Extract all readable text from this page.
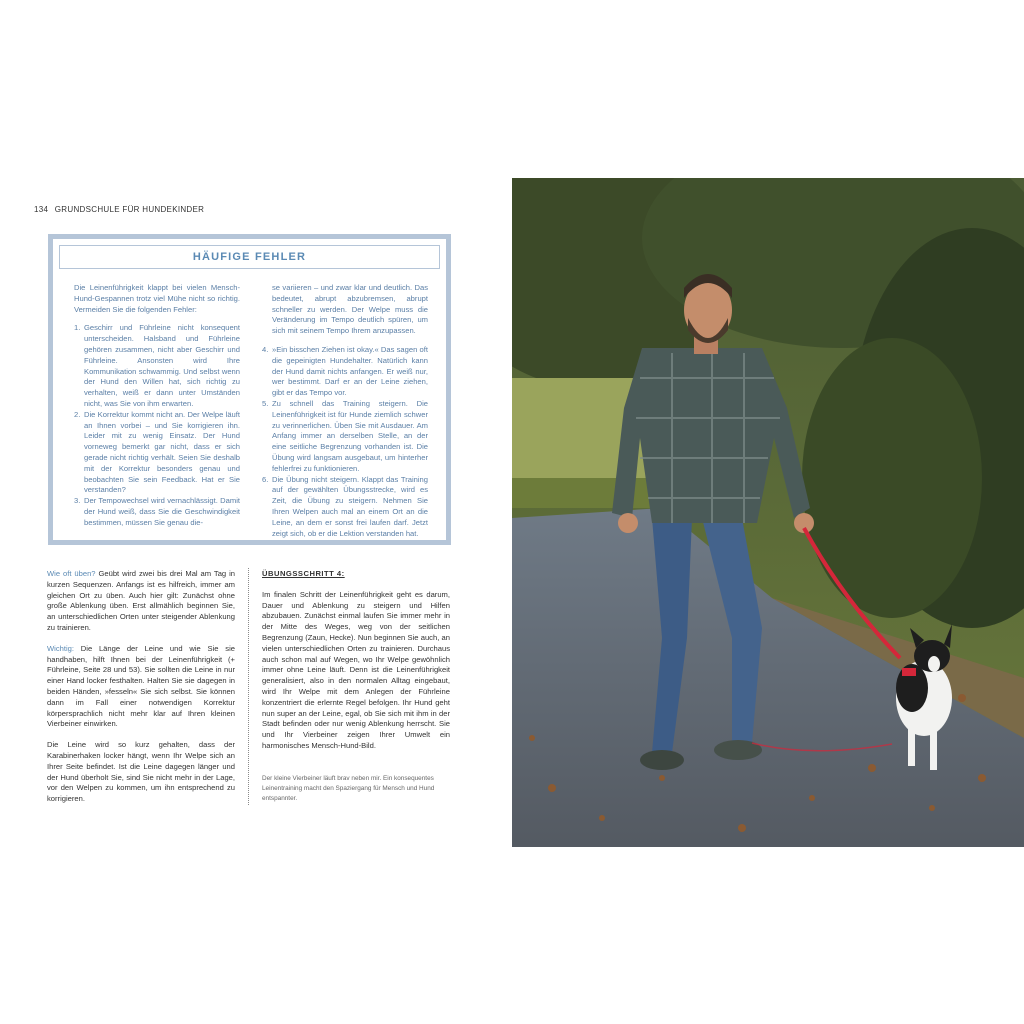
134 GRUNDSCHULE FÜR HUNDEKINDER
HÄUFIGE FEHLER

Die Leinenführigkeit klappt bei vielen Mensch-Hund-Gespannen trotz viel Mühe nicht so richtig. Vermeiden Sie die folgenden Fehler:

1. Geschirr und Führleine nicht konsequent unterscheiden. Halsband und Führleine gehören zusammen, nicht aber Geschirr und Führleine. Ansonsten wird Ihre Kommunikation schwammig. Und selbst wenn der Hund den Willen hat, sich richtig zu verhalten, weiß er dann unter Umständen nicht, was Sie von ihm erwarten.
2. Die Korrektur kommt nicht an. Der Welpe läuft an Ihnen vorbei – und Sie korrigieren ihn. Leider mit zu wenig Einsatz. Der Hund vorneweg bemerkt gar nicht, dass er sich gerade nicht richtig verhält. Seien Sie deshalb mit der Korrektur besonders genau und beobachten Sie sein Feedback. Hat er Sie verstanden?
3. Der Tempowechsel wird vernachlässigt. Damit der Hund weiß, dass Sie die Geschwindigkeit bestimmen, müssen Sie genau die-

se variieren – und zwar klar und deutlich. Das bedeutet, abrupt abzubremsen, abrupt schneller zu werden. Der Welpe muss die Veränderung im Tempo deutlich spüren, um sich mit seinem Tempo Ihrem anzupassen.

4. »Ein bisschen Ziehen ist okay.« Das sagen oft die gepeinigten Hundehalter. Natürlich kann der Hund damit nichts anfangen. Er weiß nur, wer bestimmt. Darf er an der Leine ziehen, gibt er das Tempo vor.
5. Zu schnell das Training steigern. Die Leinenführigkeit ist für Hunde ziemlich schwer zu verinnerlichen. Üben Sie mit Ausdauer. Am Anfang immer an derselben Stelle, an der eine seitliche Begrenzung vorhanden ist. Die Übung wird langsam ausgebaut, um hinterher fehlerfrei zu funktionieren.
6. Die Übung nicht steigern. Klappt das Training auf der gewählten Übungsstrecke, wird es Zeit, die Übung zu steigern. Nehmen Sie Ihren Welpen auch mal an einem Ort an die Leine, an dem er sonst frei laufen darf. Jetzt zeigt sich, ob er die Lektion verstanden hat.

Wie oft üben? Geübt wird zwei bis drei Mal am Tag in kurzen Sequenzen. Anfangs ist es hilfreich, immer am gleichen Ort zu üben. Auch hier gilt: Zunächst ohne große Ablenkung üben. Erst allmählich beginnen Sie, an unterschiedlichen Orten unter steigender Ablenkung zu trainieren.

Wichtig: Die Länge der Leine und wie Sie sie handhaben, hilft Ihnen bei der Leinenführigkeit (+ Führleine, Seite 28 und 53). Sie sollten die Leine in nur einer Hand locker festhalten. Halten Sie sie dagegen in beiden Händen, »fesseln« Sie sich selbst. Sie können dann im Fall einer notwendigen Korrektur körpersprachlich nicht mehr klar auf Ihren kleinen Vierbeiner einwirken.

Die Leine wird so kurz gehalten, dass der Karabinerhaken locker hängt, wenn Ihr Welpe sich an Ihrer Seite befindet. Ist die Leine dagegen länger und der Hund überholt Sie, sind Sie nicht mehr in der Lage, vor den Welpen zu kommen, um ihn entsprechend zu korrigieren.

ÜBUNGSSCHRITT 4:

Im finalen Schritt der Leinenführigkeit geht es darum, Dauer und Ablenkung zu steigern und Hilfen abzubauen. Zunächst einmal laufen Sie immer mehr in der Mitte des Weges, weg von der seitlichen Begrenzung (Zaun, Hecke). Nun beginnen Sie auch, an vielen unterschiedlichen Orten zu trainieren. Durchaus auch schon mal auf Wegen, wo Ihr Welpe gewöhnlich immer ohne Leine läuft. Denn ist die Leinenführigkeit generalisiert, also in den normalen Alltag eingebaut, wird Ihr Welpe mit dem Anlegen der Führleine konzentriert die erlernte Regel befolgen. Ihr Hund geht nun super an der Leine, egal, ob Sie sich mit ihm in der Stadt befinden oder nur wenig Ablenkung herrscht. Sie und Ihr Vierbeiner zeigen Ihrer Umwelt ein harmonisches Mensch-Hund-Bild.

Der kleine Vierbeiner läuft brav neben mir. Ein konsequentes Leinentraining macht den Spaziergang für Mensch und Hund entspannter.
